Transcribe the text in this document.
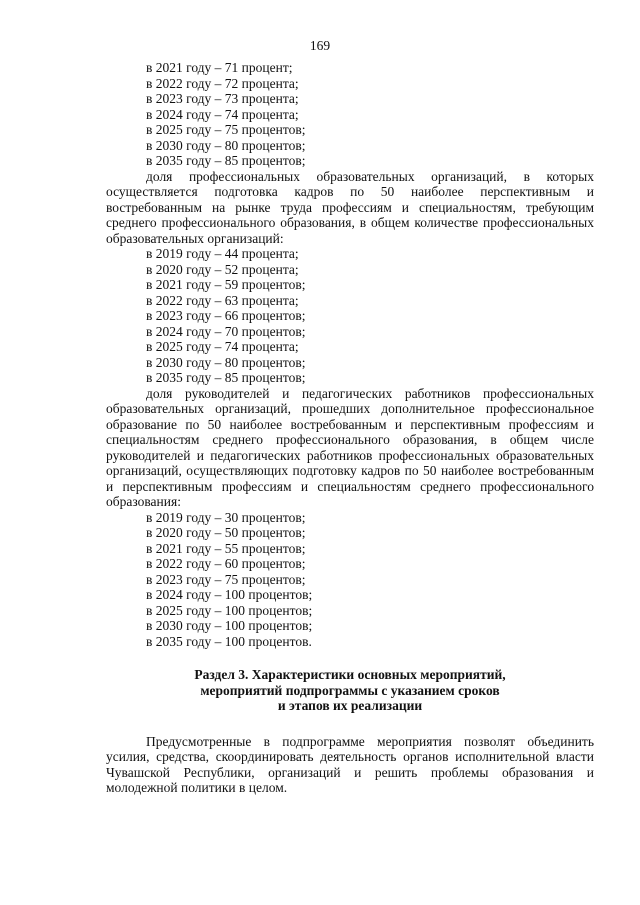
169

в 2021 году – 71 процент;

в 2022 году – 72 процента;

в 2023 году – 73 процента;

в 2024 году – 74 процента;

в 2025 году – 75 процентов;

в 2030 году – 80 процентов;

в 2035 году – 85 процентов;

доля профессиональных образовательных организаций, в которых осуществляется подготовка кадров по 50 наиболее перспективным и востребованным на рынке труда профессиям и специальностям, требующим среднего профессионального образования, в общем количестве профессиональных образовательных организаций:

в 2019 году – 44 процента;

в 2020 году – 52 процента;

в 2021 году – 59 процентов;

в 2022 году – 63 процента;

в 2023 году – 66 процентов;

в 2024 году – 70 процентов;

в 2025 году – 74 процента;

в 2030 году – 80 процентов;

в 2035 году – 85 процентов;

доля руководителей и педагогических работников профессиональных образовательных организаций, прошедших дополнительное профессиональное образование по 50 наиболее востребованным и перспективным профессиям и специальностям среднего профессионального образования, в общем числе руководителей и педагогических работников профессиональных образовательных организаций, осуществляющих подготовку кадров по 50 наиболее востребованным и перспективным профессиям и специальностям среднего профессионального образования:

в 2019 году – 30 процентов;

в 2020 году – 50 процентов;

в 2021 году – 55 процентов;

в 2022 году – 60 процентов;

в 2023 году – 75 процентов;

в 2024 году – 100 процентов;

в 2025 году – 100 процентов;

в 2030 году – 100 процентов;

в 2035 году – 100 процентов.

Раздел 3. Характеристики основных мероприятий,
мероприятий подпрограммы с указанием сроков
и этапов их реализации

Предусмотренные в подпрограмме мероприятия позволят объединить усилия, средства, скоординировать деятельность органов исполнительной власти Чувашской Республики, организаций и решить проблемы образования и молодежной политики в целом.
